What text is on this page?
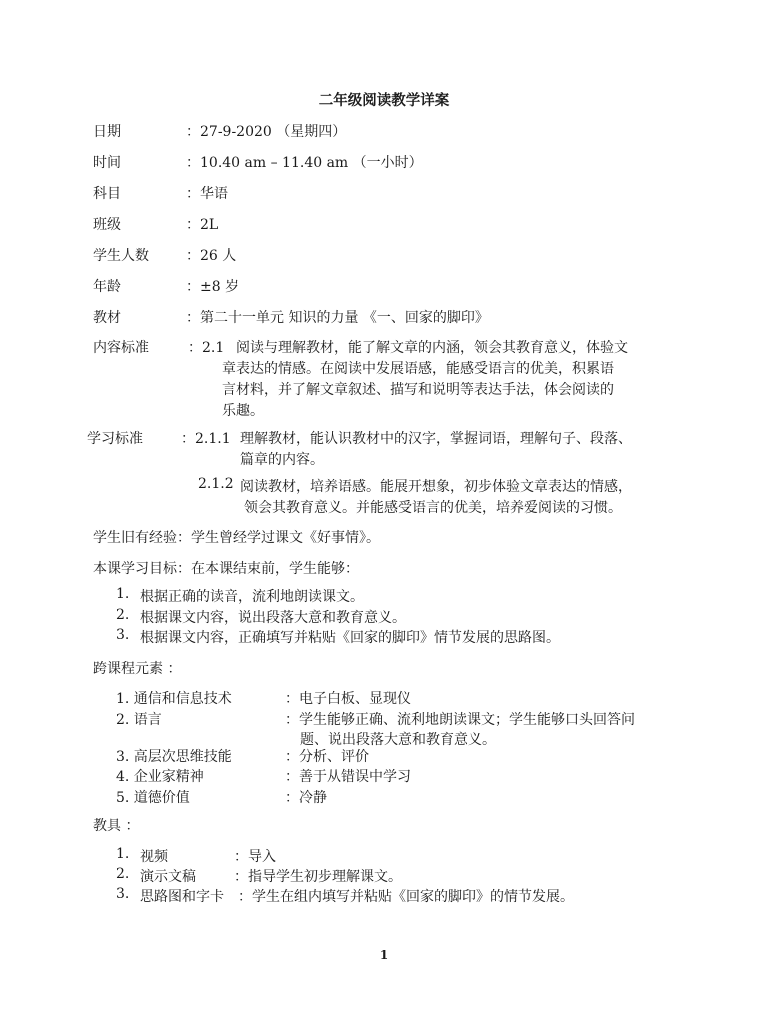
二年级阅读教学详案
日期	：27-9-2020 （星期四）
时间	：10.40 am – 11.40 am （一小时）
科目	：华语
班级	：2L
学生人数	：26 人
年龄	：±8 岁
教材	：第二十一单元 知识的力量 《一、回家的脚印》
内容标准	：2.1 阅读与理解教材，能了解文章的内涵，领会其教育意义，体验文
章表达的情感。在阅读中发展语感，能感受语言的优美，积累语
言材料，并了解文章叙述、描写和说明等表达手法，体会阅读的
乐趣。
学习标准	：2.1.1 理解教材，能认识教材中的汉字，掌握词语，理解句子、段落、
篇章的内容。
2.1.2 阅读教材，培养语感。能展开想象，初步体验文章表达的情感，
领会其教育意义。并能感受语言的优美，培养爱阅读的习惯。
学生旧有经验：学生曾经学过课文《好事情》。
本课学习目标：在本课结束前，学生能够：
1. 根据正确的读音，流利地朗读课文。
2. 根据课文内容，说出段落大意和教育意义。
3. 根据课文内容，正确填写并粘贴《回家的脚印》情节发展的思路图。
跨课程元素 ：
1. 通信和信息技术	：电子白板、显现仪
2. 语言	：学生能够正确、流利地朗读课文；学生能够口头回答问
题、说出段落大意和教育意义。
3. 高层次思维技能	：分析、评价
4. 企业家精神	：善于从错误中学习
5. 道德价值	：冷静
教具 ：
1. 视频	：导入
2. 演示文稿	：指导学生初步理解课文。
3. 思路图和字卡 ：学生在组内填写并粘贴《回家的脚印》的情节发展。
1
